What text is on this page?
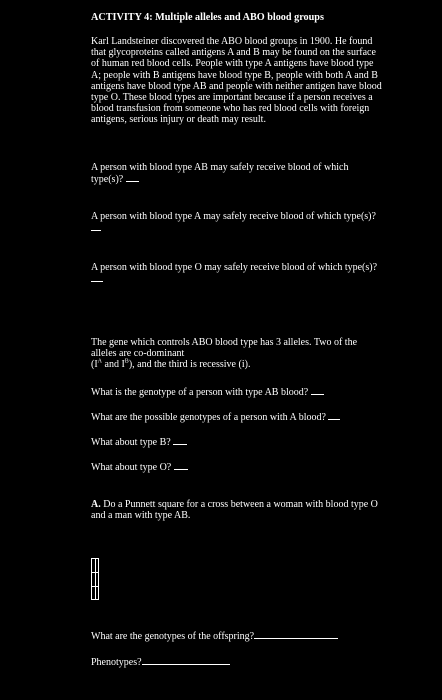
ACTIVITY 4: Multiple alleles and ABO blood groups

Karl Landsteiner discovered the ABO blood groups in 1900. He found that glycoproteins called antigens A and B may be found on the surface of human red blood cells. People with type A antigens have blood type A; people with B antigens have blood type B, people with both A and B antigens have blood type AB and people with neither antigen have blood type O. These blood types are important because if a person receives a blood transfusion from someone who has red blood cells with foreign antigens, serious injury or death may result.

A person with blood type AB may safely receive blood of which type(s)?

A person with blood type A may safely receive blood of which type(s)?

A person with blood type O may safely receive blood of which type(s)?

The gene which controls ABO blood type has 3 alleles. Two of the alleles are co-dominant
($I^A$ and $I^B$), and the third is recessive (i).

What is the genotype of a person with type AB blood?

What are the possible genotypes of a person with A blood?

What about type B?

What about type O?

A. Do a Punnett square for a cross between a woman with blood type O and a man with type AB.

What are the genotypes of the offspring?

Phenotypes?
